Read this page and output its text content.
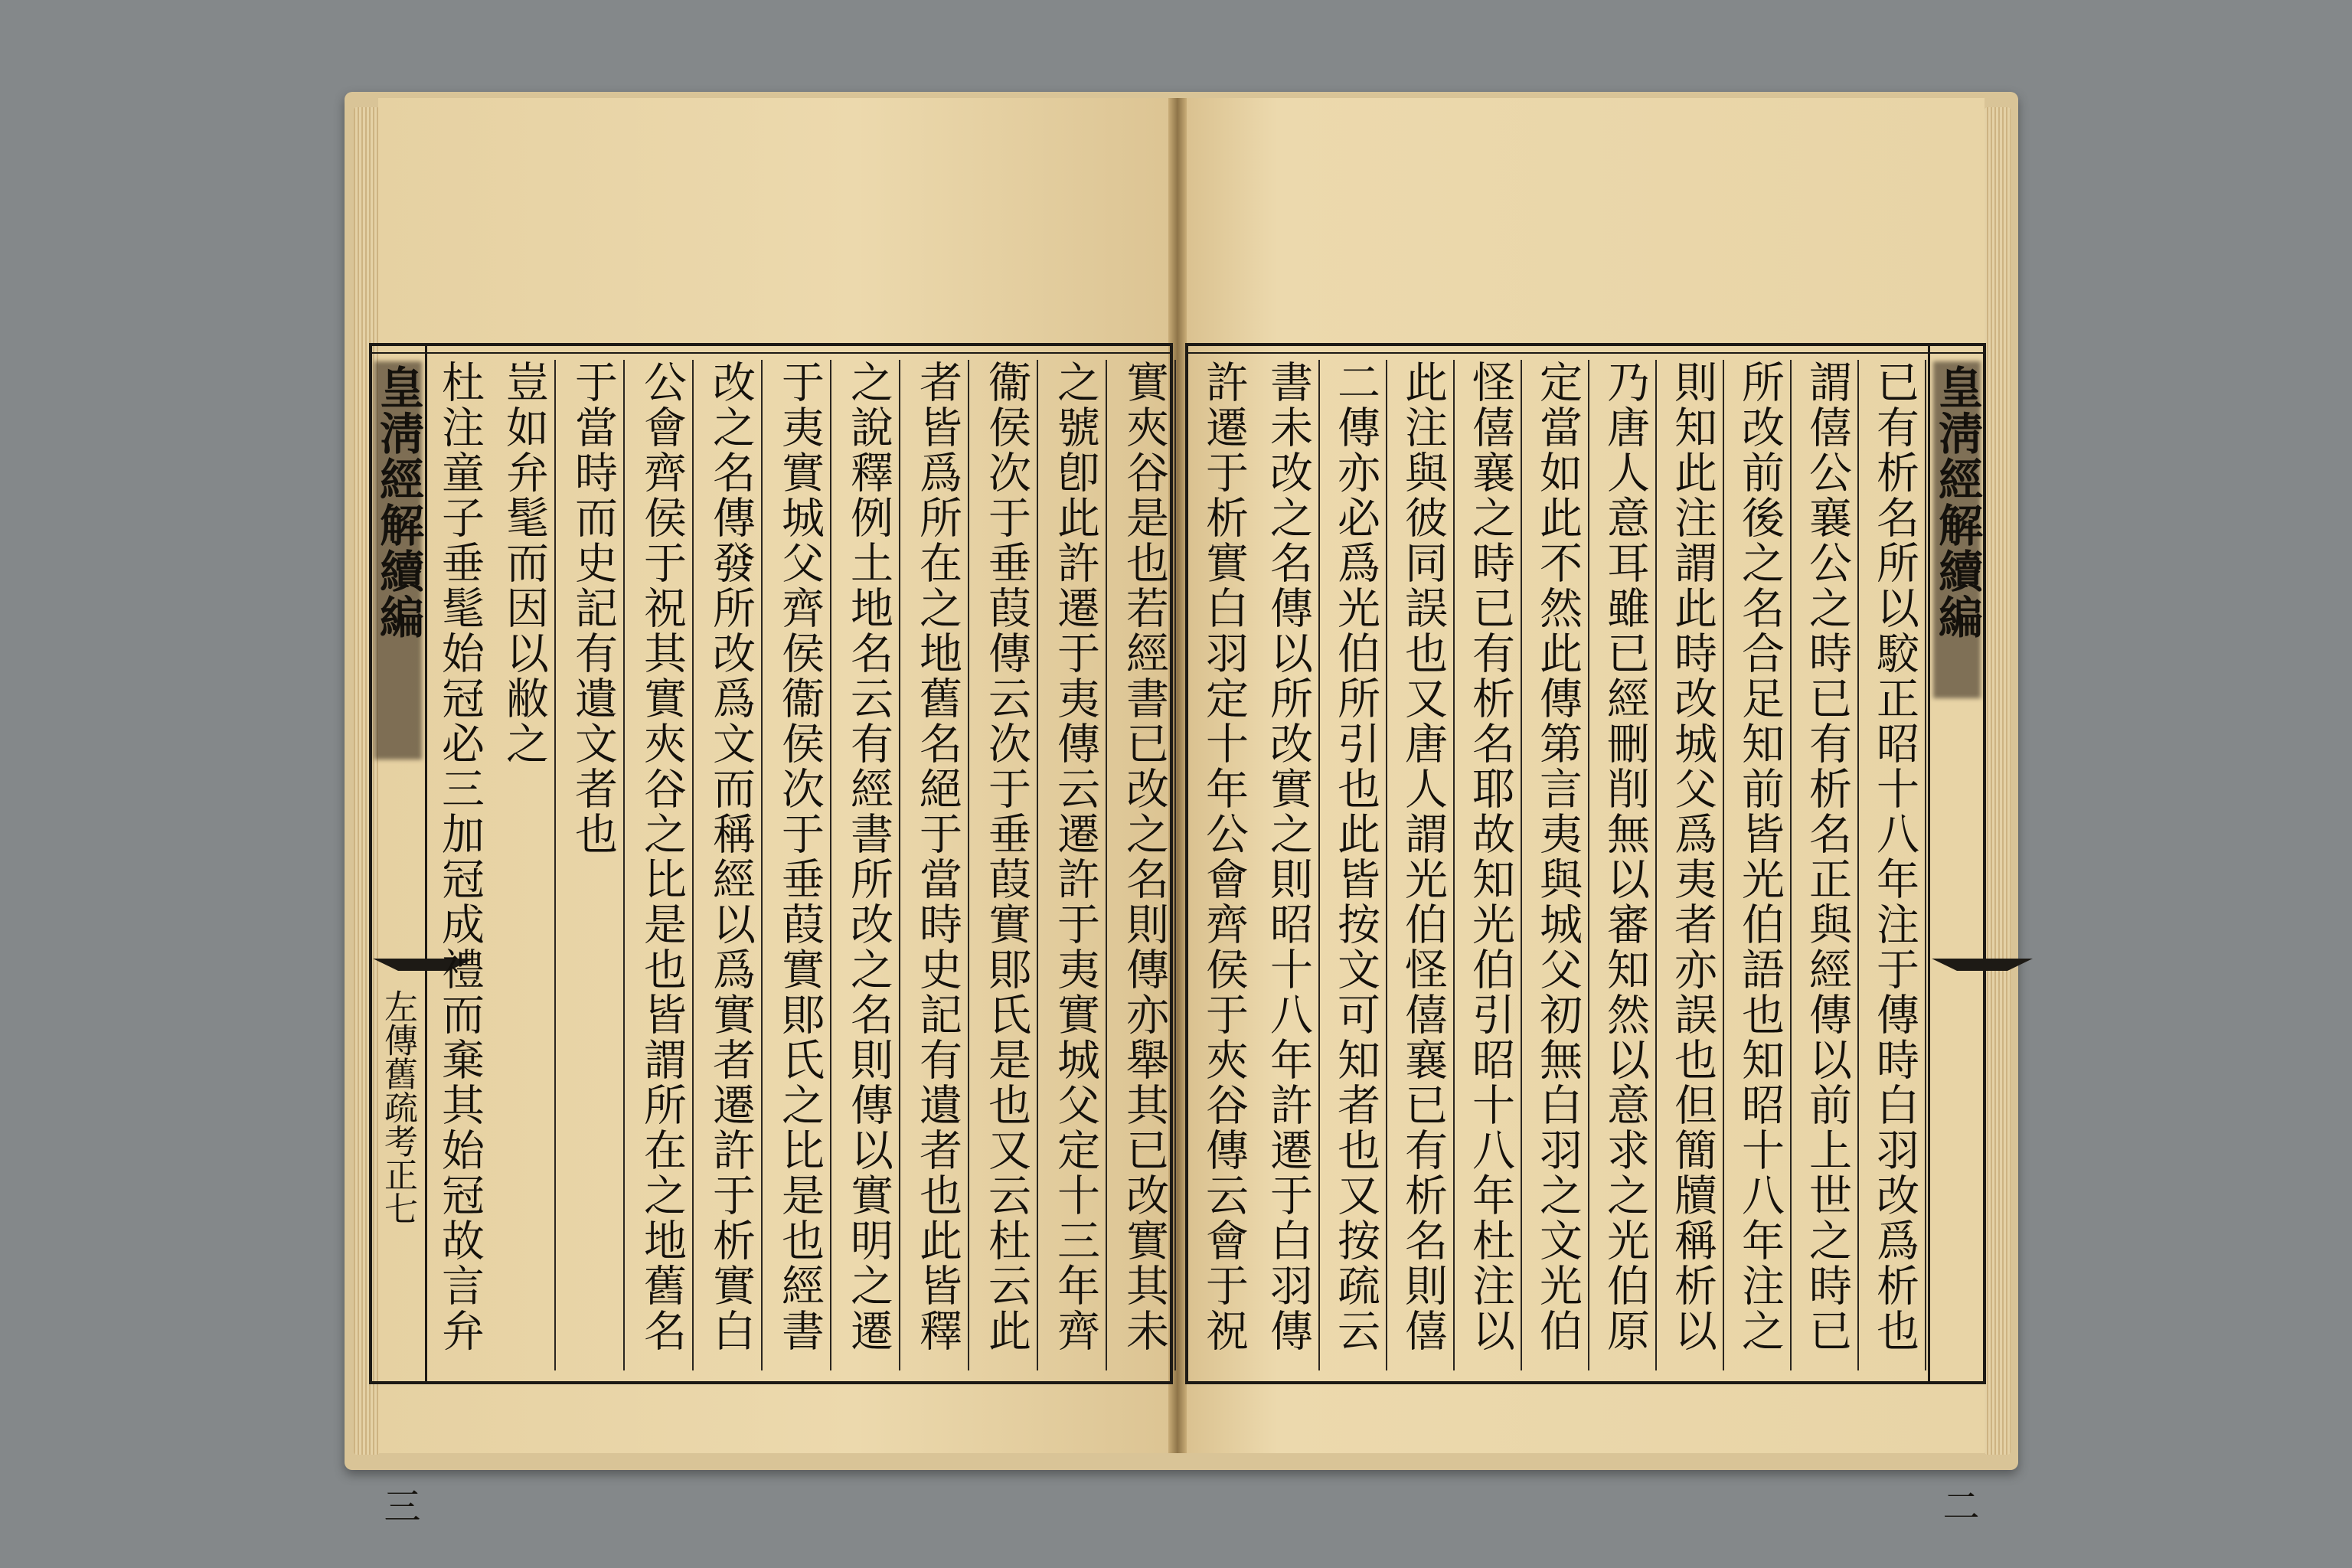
皇淸經解續編
左傳舊疏考正七
三
實夾谷是也若經書已改之名則傳亦舉其已改實其未
之號卽此許遷于夷傳云遷許于夷實城父定十三年齊
衞侯次于垂葭傳云次于垂葭實郥氏是也又云杜云此
者皆爲所在之地舊名絕于當時史記有遺者也此皆釋
之說釋例土地名云有經書所改之名則傳以實明之遷
于夷實城父齊侯衞侯次于垂葭實郥氏之比是也經書
改之名傳發所改爲文而稱經以爲實者遷許于析實白
公會齊侯于祝其實夾谷之比是也皆謂所在之地舊名
于當時而史記有遺文者也
豈如弁髦而因以敝之
杜注童子垂髦始冠必三加冠成禮而棄其始冠故言弁
皇淸經解續編
二
已有析名所以駮正昭十八年注于傳時白羽改爲析也
謂僖公襄公之時已有析名正與經傳以前上世之時已
所改前後之名合足知前皆光伯語也知昭十八年注之
則知此注謂此時改城父爲夷者亦誤也但簡牘稱析以
乃唐人意耳雖已經刪削無以審知然以意求之光伯原
定當如此不然此傳第言夷與城父初無白羽之文光伯
怪僖襄之時已有析名耶故知光伯引昭十八年杜注以
此注與彼同誤也又唐人謂光伯怪僖襄已有析名則僖
二傳亦必爲光伯所引也此皆按文可知者也又按疏云
書未改之名傳以所改實之則昭十八年許遷于白羽傳
許遷于析實白羽定十年公會齊侯于夾谷傳云會于祝
